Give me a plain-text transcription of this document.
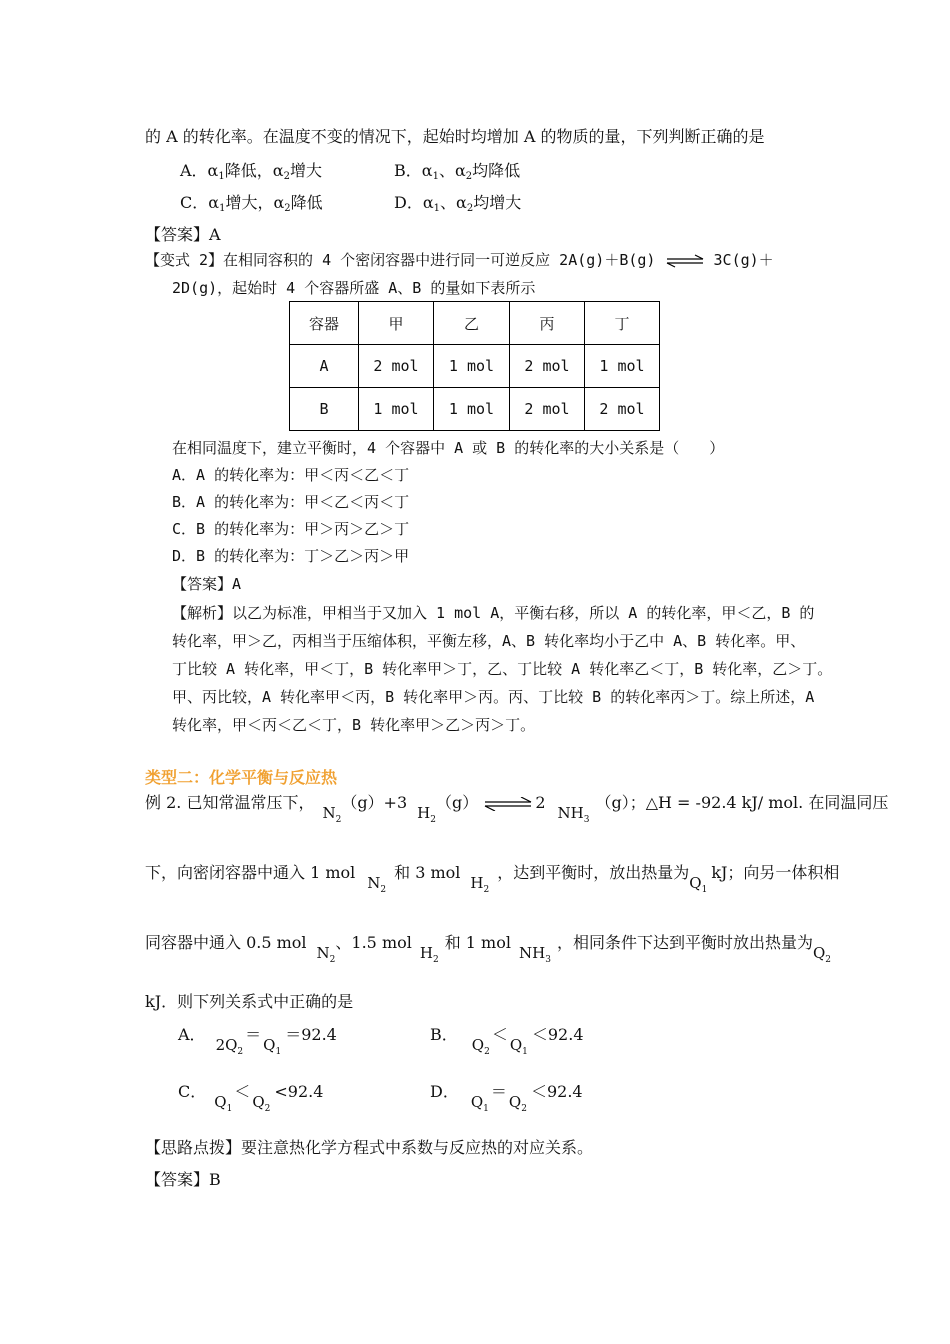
的 A 的转化率。在温度不变的情况下，起始时均增加 A 的物质的量，下列判断正确的是
A．$\alpha_1$降低，$\alpha_2$增大	B．$\alpha_1$、$\alpha_2$均降低
C．$\alpha_1$增大，$\alpha_2$降低	D．$\alpha_1$、$\alpha_2$均增大
【答案】A
【变式 2】在相同容积的 4 个密闭容器中进行同一可逆反应 2A(g)＋B(g) ⇌ 3C(g)＋
2D(g)，起始时 4 个容器所盛 A、B 的量如下表所示
容器	甲	乙	丙	丁
A	2 mol	1 mol	2 mol	1 mol
B	1 mol	1 mol	2 mol	2 mol
在相同温度下，建立平衡时，4 个容器中 A 或 B 的转化率的大小关系是（　　）
A．A 的转化率为：甲＜丙＜乙＜丁
B．A 的转化率为：甲＜乙＜丙＜丁
C．B 的转化率为：甲＞丙＞乙＞丁
D．B 的转化率为：丁＞乙＞丙＞甲
【答案】A
【解析】以乙为标准，甲相当于又加入 1 mol A，平衡右移，所以 A 的转化率，甲＜乙，B 的
转化率，甲＞乙，丙相当于压缩体积，平衡左移，A、B 转化率均小于乙中 A、B 转化率。甲、
丁比较 A 转化率，甲＜丁，B 转化率甲＞丁，乙、丁比较 A 转化率乙＜丁，B 转化率，乙＞丁。
甲、丙比较，A 转化率甲＜丙，B 转化率甲＞丙。丙、丁比较 B 的转化率丙＞丁。综上所述，A
转化率，甲＜丙＜乙＜丁，B 转化率甲＞乙＞丙＞丁。
类型二：化学平衡与反应热
例 2. 已知常温常压下，$N_2(g)+3H_2(g)$ ⇌ $2NH_3(g)$；△H = -92.4 kJ/ mol. 在同温同压
下，向密闭容器中通入 1 molN$_2$和 3 molH$_2$，达到平衡时，放出热量为$Q_1kJ$；向另一体积相
同容器中通入 0.5 molN$_2$、1.5 molH$_2$和 1 molNH$_3$，相同条件下达到平衡时放出热量为$Q_2$
kJ．则下列关系式中正确的是
A．$2Q_2=Q_1=92.4$	B．$Q_2<Q_1<92.4$
C．$Q_1<Q_2<92.4$	D．$Q_1=Q_2<92.4$
【思路点拨】要注意热化学方程式中系数与反应热的对应关系。
【答案】B
